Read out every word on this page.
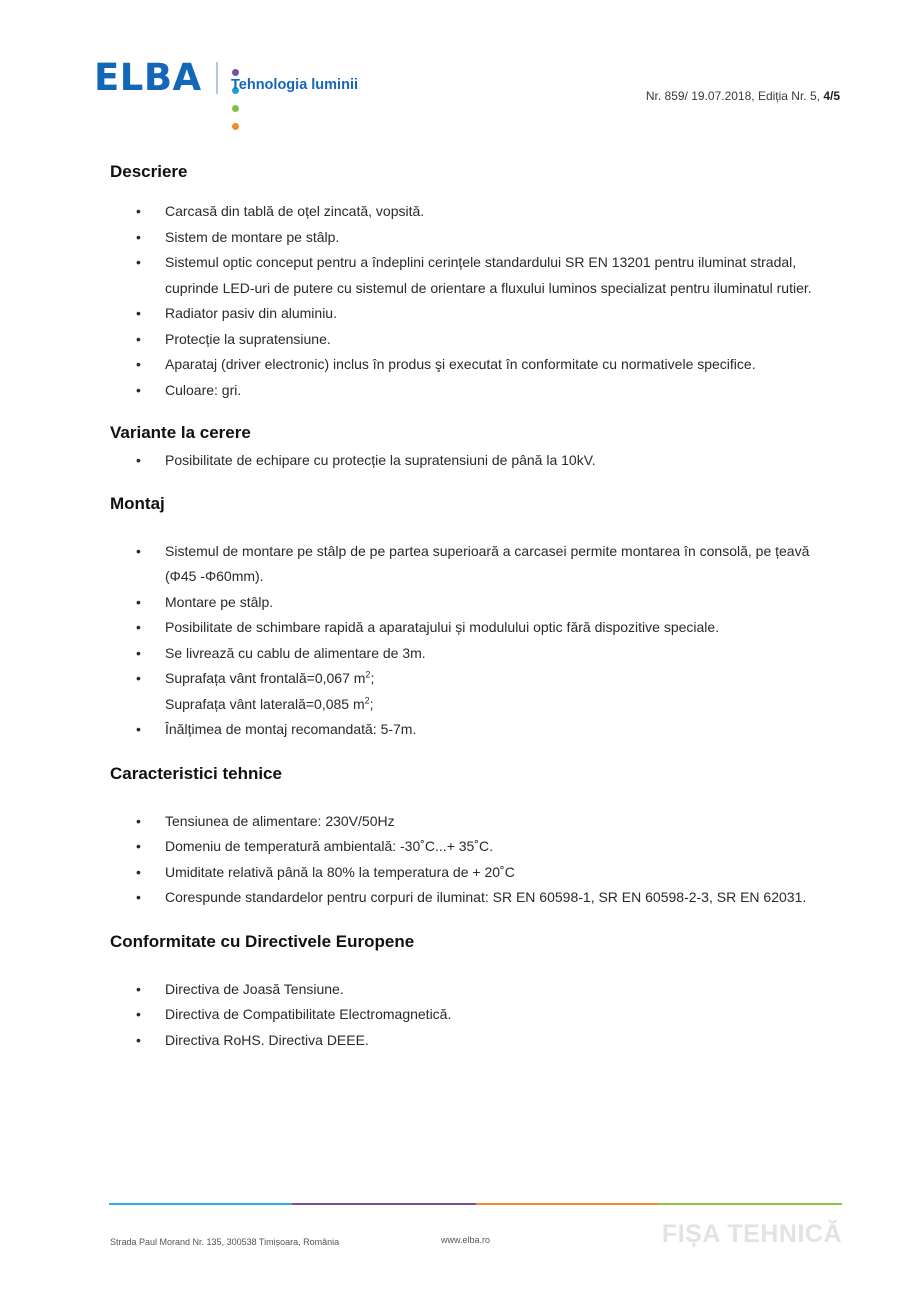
ELBA Tehnologia luminii
Nr. 859/ 19.07.2018, Ediția Nr. 5, 4/5
Descriere
• Carcasă din tablă de oțel zincată, vopsită.
• Sistem de montare pe stâlp.
• Sistemul optic conceput pentru a îndeplini cerințele standardului SR EN 13201 pentru iluminat stradal, cuprinde LED-uri de putere cu sistemul de orientare a fluxului luminos specializat pentru iluminatul rutier.
• Radiator pasiv din aluminiu.
• Protecție la supratensiune.
• Aparataj (driver electronic) inclus în produs şi executat în conformitate cu normativele specifice.
• Culoare: gri.
Variante la cerere
• Posibilitate de echipare cu protecție la supratensiuni de până la 10kV.
Montaj
• Sistemul de montare pe stâlp de pe partea superioară a carcasei permite montarea în consolă, pe țeavă (Φ45 -Φ60mm).
• Montare pe stâlp.
• Posibilitate de schimbare rapidă a aparatajului și modulului optic fără dispozitive speciale.
• Se livrează cu cablu de alimentare de 3m.
• Suprafața vânt frontală=0,067 $m^2$;
Suprafața vânt laterală=0,085 $m^2$;
• Înălțimea de montaj recomandată: 5-7m.
Caracteristici tehnice
• Tensiunea de alimentare: 230V/50Hz
• Domeniu de temperatură ambientală: -30˚C...+ 35˚C.
• Umiditate relativă până la 80% la temperatura de + 20˚C
• Corespunde standardelor pentru corpuri de iluminat: SR EN 60598-1, SR EN 60598-2-3, SR EN 62031.
Conformitate cu Directivele Europene
• Directiva de Joasă Tensiune.
• Directiva de Compatibilitate Electromagnetică.
• Directiva RoHS. Directiva DEEE.
Strada Paul Morand Nr. 135, 300538 Timișoara, România	www.elba.ro	FIȘA TEHNICĂ
